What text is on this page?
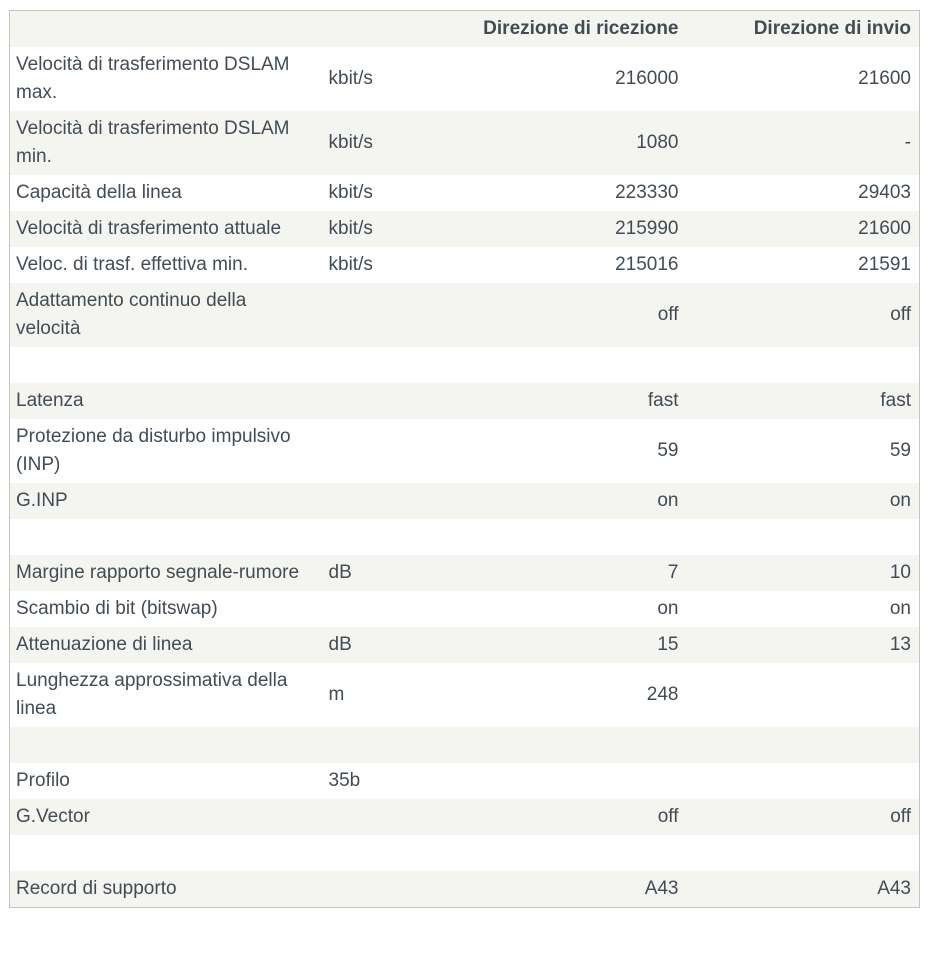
		Direzione di ricezione	Direzione di invio
Velocità di trasferimento DSLAM max.	kbit/s	216000	21600
Velocità di trasferimento DSLAM min.	kbit/s	1080	-
Capacità della linea	kbit/s	223330	29403
Velocità di trasferimento attuale	kbit/s	215990	21600
Veloc. di trasf. effettiva min.	kbit/s	215016	21591
Adattamento continuo della velocità		off	off

Latenza		fast	fast
Protezione da disturbo impulsivo (INP)		59	59
G.INP		on	on

Margine rapporto segnale-rumore	dB	7	10
Scambio di bit (bitswap)		on	on
Attenuazione di linea	dB	15	13
Lunghezza approssimativa della linea	m	248	

Profilo	35b		
G.Vector		off	off

Record di supporto		A43	A43
